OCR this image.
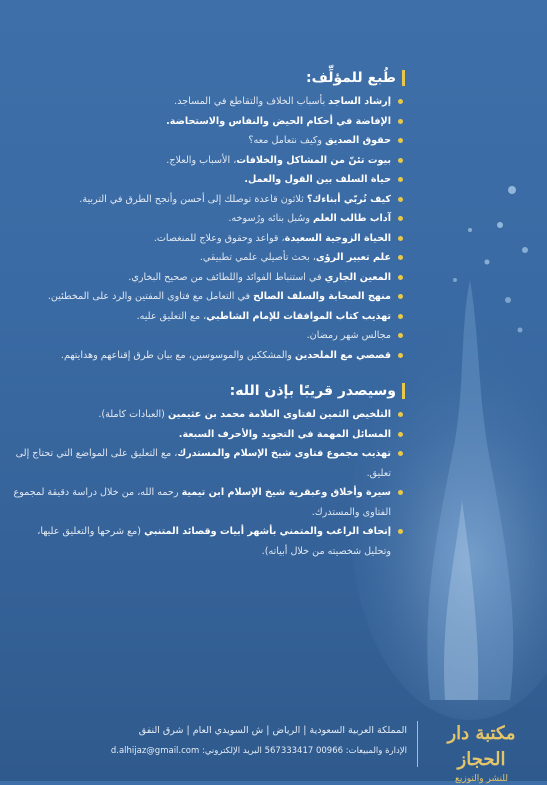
طُبع للمؤلِّف:
إرشاد الساجد بأسباب الخلاف والتقاطع في المساجد.
الإفاضة في أحكام الحيض والنفاس والاستحاضة.
حقوق الصديق وكيف نتعامل معه؟
بيوت تئنّ من المشاكل والخلافات، الأسباب والعلاج.
حياة السلف بين القول والعمل.
كيف تُربّي أبناءك؟ ثلاثون قاعدة توصلك إلى أحسن وأنجح الطرق في التربية.
آداب طالب العلم وسُبل بنائه ورُسوخه.
الحياة الزوجية السعيدة، قواعد وحقوق وعلاج للمنغصات.
علم تعبير الرؤى، بحث تأصيلي علمي تطبيقي.
المعين الجاري في استنباط الفوائد واللطائف من صحيح البخاري.
منهج الصحابة والسلف الصالح في التعامل مع فتاوى المفتين والرد على المخطئين.
تهذيب كتاب الموافقات للإمام الشاطبي، مع التعليق عليه.
مجالس شهر رمضان.
قصصي مع الملحدين والمشككين والموسوسين، مع بيان طرق إقناعهم وهدايتهم.
وسيصدر قريبًا بإذن الله:
التلخيص الثمين لفتاوى العلامة محمد بن عثيمين (العبادات كاملة).
المسائل المهمة في التجويد والأحرف السبعة.
تهذيب مجموع فتاوى شيخ الإسلام والمستدرك، مع التعليق على المواضع التي تحتاج إلى تعليق.
سيرة وأخلاق وعبقرية شيخ الإسلام ابن تيمية رحمه الله، من خلال دراسة دقيقة لمجموع الفتاوى والمستدرك.
إتحاف الراغب والمتمني بأشهر أبيات وقصائد المتنبي (مع شرحها والتعليق عليها، وتحليل شخصيته من خلال أبياته).
المملكة العربية السعودية | الرياض | ش السويدي العام | شرق النفق
الإدارة والمبيعات: 00966 567333417 البريد الإلكتروني: d.alhijaz@gmail.com
مكتبة دار الحجاز
للنشر والتوزيع
